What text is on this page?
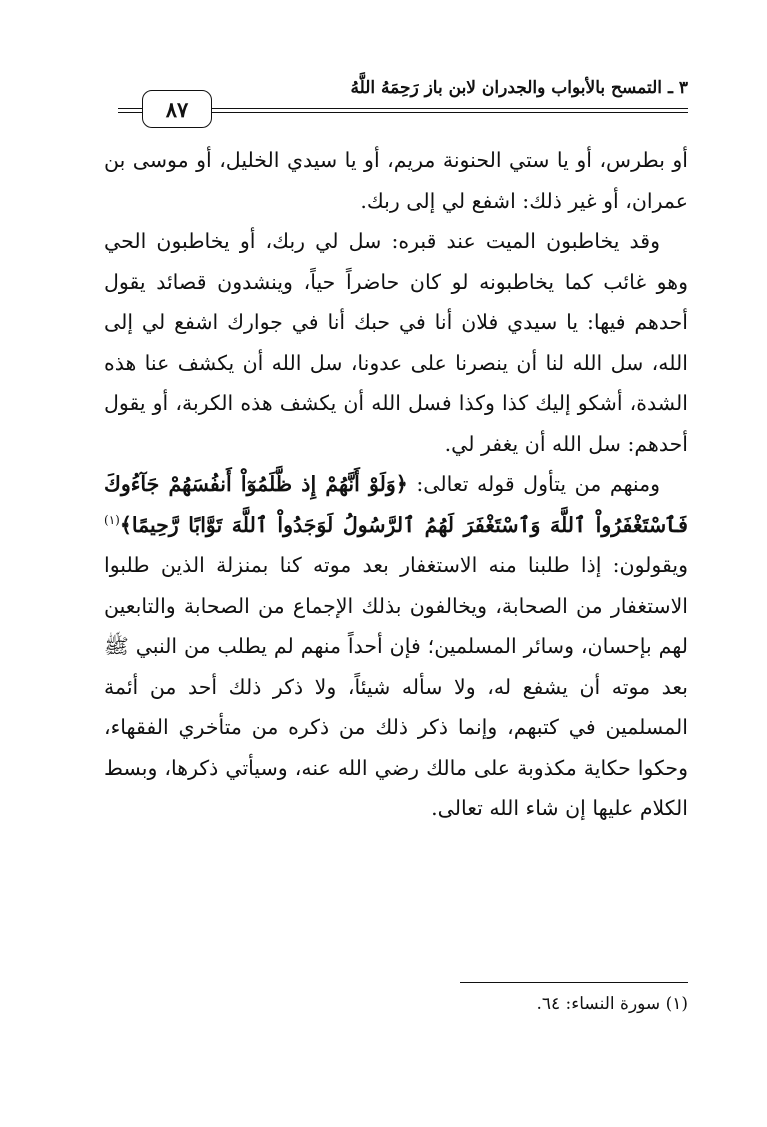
٣ ـ التمسح بالأبواب والجدران لابن باز رَحِمَهُ اللَّهُ
٨٧

أو بطرس، أو يا ستي الحنونة مريم، أو يا سيدي الخليل، أو موسى بن عمران، أو غير ذلك: اشفع لي إلى ربك.

وقد يخاطبون الميت عند قبره: سل لي ربك، أو يخاطبون الحي وهو غائب كما يخاطبونه لو كان حاضراً حياً، وينشدون قصائد يقول أحدهم فيها: يا سيدي فلان أنا في حبك أنا في جوارك اشفع لي إلى الله، سل الله لنا أن ينصرنا على عدونا، سل الله أن يكشف عنا هذه الشدة، أشكو إليك كذا وكذا فسل الله أن يكشف هذه الكربة، أو يقول أحدهم: سل الله أن يغفر لي.

ومنهم من يتأول قوله تعالى: ﴿وَلَوْ أَنَّهُمْ إِذ ظَّلَمُوٓاْ أَنفُسَهُمْ جَآءُوكَ فَٱسْتَغْفَرُواْ ٱللَّهَ وَٱسْتَغْفَرَ لَهُمُ ٱلرَّسُولُ لَوَجَدُواْ ٱللَّهَ تَوَّابًا رَّحِيمًا﴾$^{(١)}$ ويقولون: إذا طلبنا منه الاستغفار بعد موته كنا بمنزلة الذين طلبوا الاستغفار من الصحابة، ويخالفون بذلك الإجماع من الصحابة والتابعين لهم بإحسان، وسائر المسلمين؛ فإن أحداً منهم لم يطلب من النبي ﷺ بعد موته أن يشفع له، ولا سأله شيئاً، ولا ذكر ذلك أحد من أئمة المسلمين في كتبهم، وإنما ذكر ذلك من ذكره من متأخري الفقهاء، وحكوا حكاية مكذوبة على مالك رضي الله عنه، وسيأتي ذكرها، وبسط الكلام عليها إن شاء الله تعالى.

(١) سورة النساء: ٦٤.
